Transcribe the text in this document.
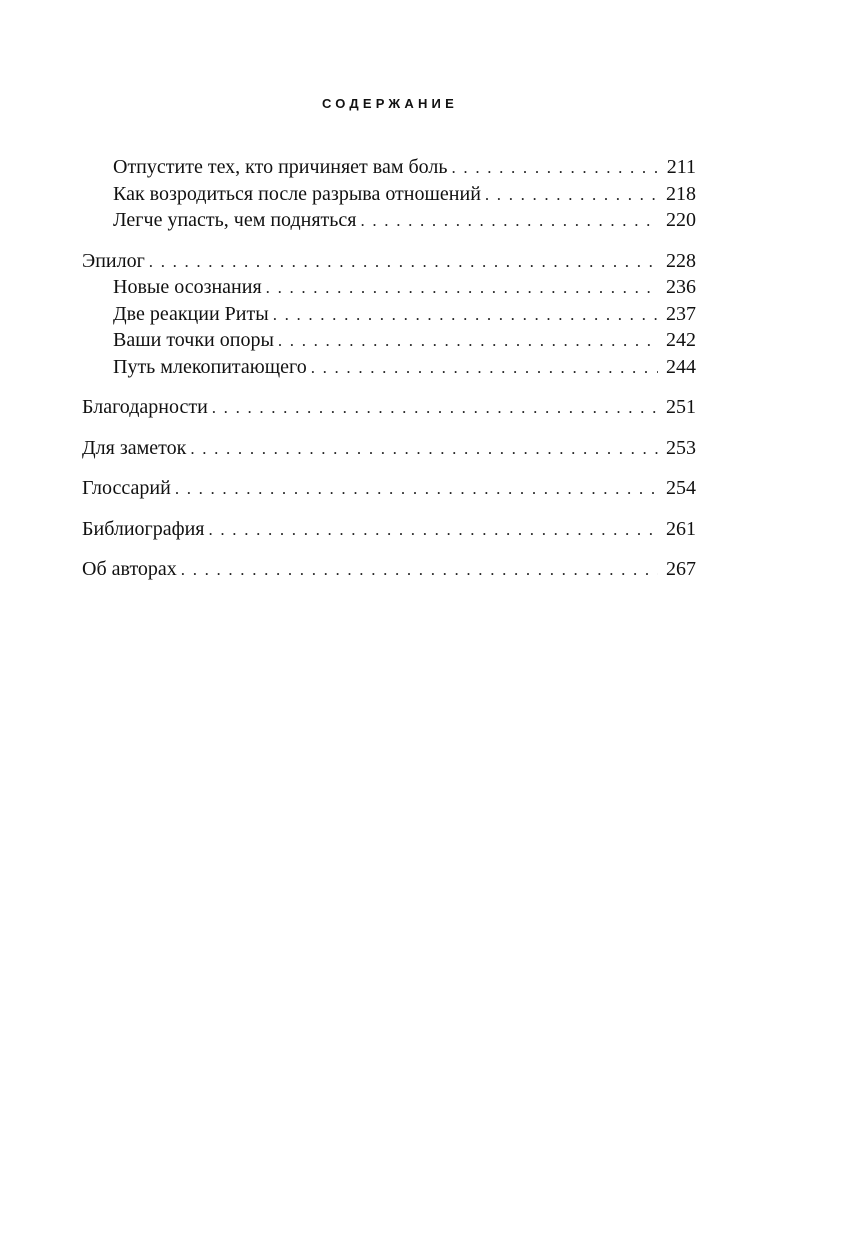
СОДЕРЖАНИЕ
Отпустите тех, кто причиняет вам боль . . .	211
Как возродиться после разрыва отношений . . .	218
Легче упасть, чем подняться . . .	220
Эпилог . . .	228
Новые осознания . . .	236
Две реакции Риты . . .	237
Ваши точки опоры . . .	242
Путь млекопитающего . . .	244
Благодарности . . .	251
Для заметок . . .	253
Глоссарий . . .	254
Библиография . . .	261
Об авторах . . .	267
